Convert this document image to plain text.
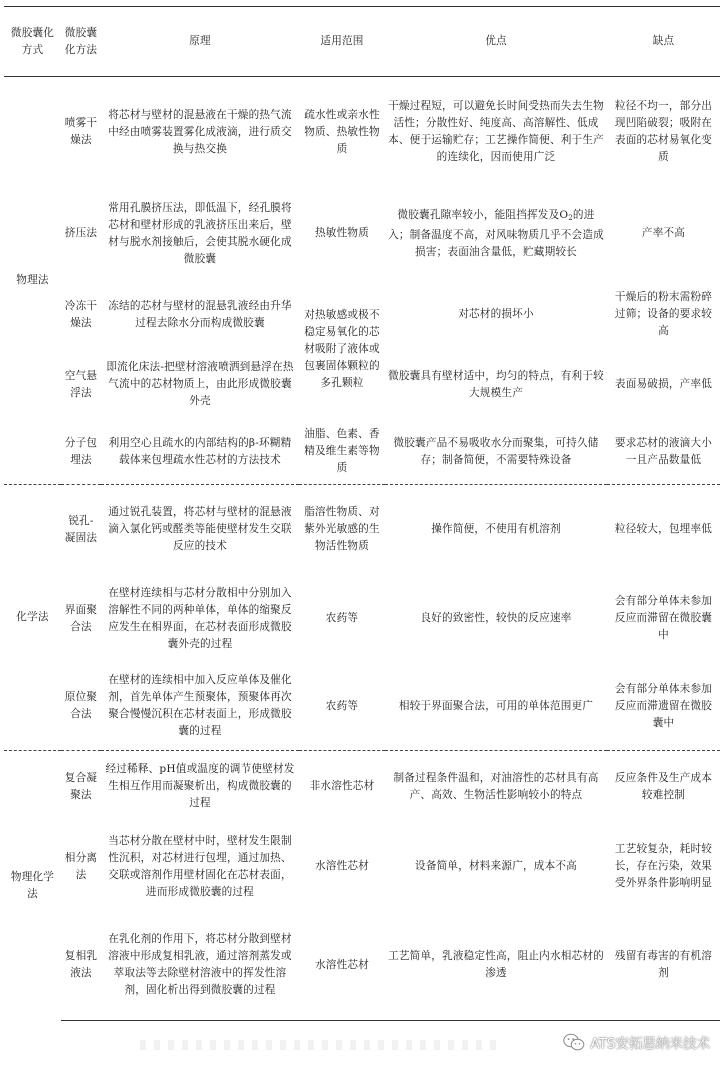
微胶囊化方式	微胶囊化方法	原理	适用范围	优点	缺点
物理法	喷雾干燥法	将芯材与壁材的混悬液在干燥的热气流中经由喷雾装置雾化成液滴，进行质交换与热交换	疏水性或亲水性物质、热敏性物质	干燥过程短，可以避免长时间受热而失去生物活性；分散性好、纯度高、高溶解性、低成本、便于运输贮存；工艺操作简便、利于生产的连续化，因而使用广泛	粒径不均一，部分出现凹陷破裂；吸附在表面的芯材易氧化变质
	挤压法	常用孔膜挤压法，即低温下，经孔膜将芯材和壁材形成的乳液挤压出来后，壁材与脱水剂接触后，会使其脱水硬化成微胶囊	热敏性物质	微胶囊孔隙率较小，能阻挡挥发及$O_2$的进入；制备温度不高，对风味物质几乎不会造成损害；表面油含量低，贮藏期较长	产率不高
	冷冻干燥法	冻结的芯材与壁材的混悬乳液经由升华过程去除水分而构成微胶囊	对热敏感或极不稳定易氧化的芯材吸附了液体或包裹固体颗粒的多孔颗粒	对芯材的损坏小	干燥后的粉末需粉碎过筛；设备的要求较高
	空气悬浮法	即流化床法-把壁材溶液喷洒到悬浮在热气流中的芯材物质上，由此形成微胶囊外壳		微胶囊具有壁材适中，均匀的特点，有利于较大规模生产	表面易破损，产率低
	分子包埋法	利用空心且疏水的内部结构的β-环糊精载体来包埋疏水性芯材的方法技术	油脂、色素、香精及维生素等物质	微胶囊产品不易吸收水分而聚集，可持久储存；制备简便，不需要特殊设备	要求芯材的液滴大小一且产品数量低
化学法	锐孔-凝固法	通过锐孔装置，将芯材与壁材的混悬液滴入氯化钙或醛类等能使壁材发生交联反应的技术	脂溶性物质、对紫外光敏感的生物活性物质	操作简便，不使用有机溶剂	粒径较大，包埋率低
	界面聚合法	在壁材连续相与芯材分散相中分别加入溶解性不同的两种单体，单体的缩聚反应发生在相界面，在芯材表面形成微胶囊外壳的过程	农药等	良好的致密性，较快的反应速率	会有部分单体未参加反应而滞留在微胶囊中
	原位聚合法	在壁材的连续相中加入反应单体及催化剂，首先单体产生预聚体，预聚体再次聚合慢慢沉积在芯材表面上，形成微胶囊的过程	农药等	相较于界面聚合法，可用的单体范围更广	会有部分单体未参加反应而滞遗留在微胶囊中
物理化学法	复合凝聚法	经过稀释、pH值或温度的调节使壁材发生相互作用而凝聚析出，构成微胶囊的过程	非水溶性芯材	制备过程条件温和，对油溶性的芯材具有高产、高效、生物活性影响较小的特点	反应条件及生产成本较难控制
	相分离法	当芯材分散在壁材中时，壁材发生限制性沉积，对芯材进行包埋，通过加热、交联或溶剂作用壁材固化在芯材表面，进而形成微胶囊的过程	水溶性芯材	设备简单，材料来源广，成本不高	工艺较复杂，耗时较长，存在污染，效果受外界条件影响明显
	复相乳液法	在乳化剂的作用下，将芯材分散到壁材溶液中形成复相乳液，通过溶剂蒸发或萃取法等去除壁材溶液中的挥发性溶剂，固化析出得到微胶囊的过程	水溶性芯材	工艺简单，乳液稳定性高，阻止内水相芯材的渗透	残留有毒害的有机溶剂
ATS安拓思纳米技术
